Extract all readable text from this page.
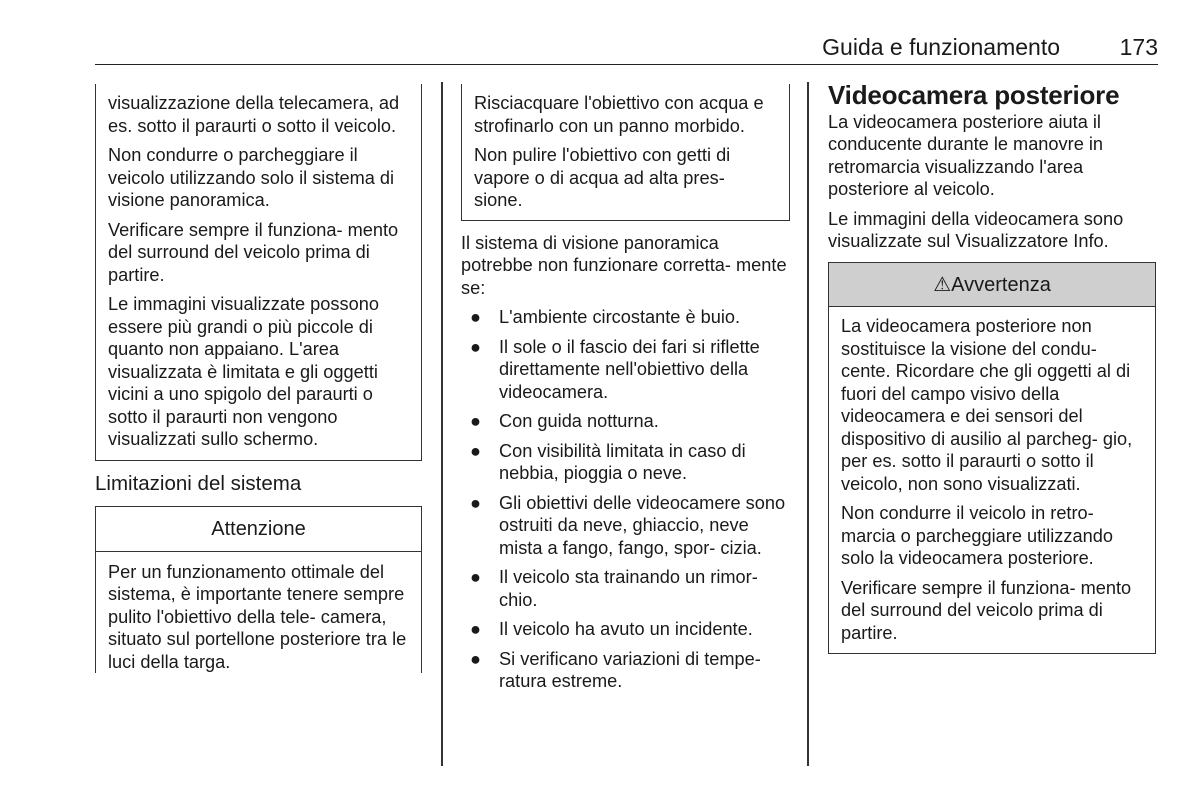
Guida e funzionamento	173

visualizzazione della telecamera, ad es. sotto il paraurti o sotto il veicolo.

Non condurre o parcheggiare il veicolo utilizzando solo il sistema di visione panoramica.

Verificare sempre il funziona- mento del surround del veicolo prima di partire.

Le immagini visualizzate possono essere più grandi o più piccole di quanto non appaiano. L'area visualizzata è limitata e gli oggetti vicini a uno spigolo del paraurti o sotto il paraurti non vengono visualizzati sullo schermo.

Limitazioni del sistema
Attenzione

Per un funzionamento ottimale del sistema, è importante tenere sempre pulito l'obiettivo della tele- camera, situato sul portellone posteriore tra le luci della targa.

Risciacquare l'obiettivo con acqua e strofinarlo con un panno morbido.

Non pulire l'obiettivo con getti di vapore o di acqua ad alta pres- sione.

Il sistema di visione panoramica potrebbe non funzionare corretta- mente se:

● L'ambiente circostante è buio.
● Il sole o il fascio dei fari si riflette direttamente nell'obiettivo della videocamera.
● Con guida notturna.
● Con visibilità limitata in caso di nebbia, pioggia o neve.
● Gli obiettivi delle videocamere sono ostruiti da neve, ghiaccio, neve mista a fango, fango, spor- cizia.
● Il veicolo sta trainando un rimor- chio.
● Il veicolo ha avuto un incidente.
● Si verificano variazioni di tempe- ratura estreme.
Videocamera posteriore

La videocamera posteriore aiuta il conducente durante le manovre in retromarcia visualizzando l'area posteriore al veicolo.

Le immagini della videocamera sono visualizzate sul Visualizzatore Info.

⚠Avvertenza

La videocamera posteriore non sostituisce la visione del condu- cente. Ricordare che gli oggetti al di fuori del campo visivo della videocamera e dei sensori del dispositivo di ausilio al parcheg- gio, per es. sotto il paraurti o sotto il veicolo, non sono visualizzati.

Non condurre il veicolo in retro- marcia o parcheggiare utilizzando solo la videocamera posteriore.

Verificare sempre il funziona- mento del surround del veicolo prima di partire.
